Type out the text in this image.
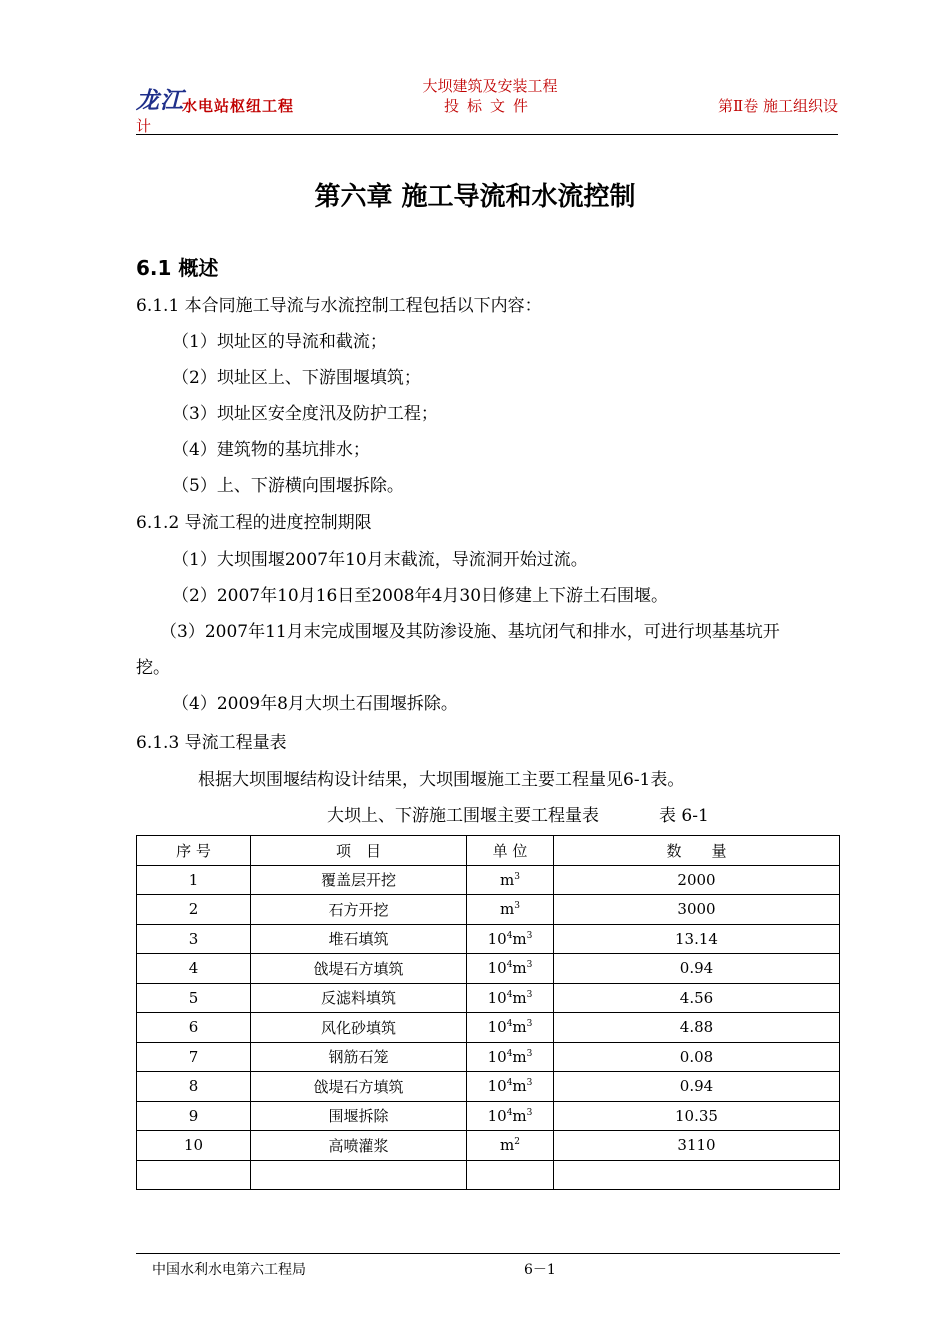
龙江
水电站枢纽工程
计
大坝建筑及安装工程
投标文件	第Ⅱ卷 施工组织设
第六章 施工导流和水流控制
6.1 概述
6.1.1 本合同施工导流与水流控制工程包括以下内容：
（1）坝址区的导流和截流；
（2）坝址区上、下游围堰填筑；
（3）坝址区安全度汛及防护工程；
（4）建筑物的基坑排水；
（5）上、下游横向围堰拆除。
6.1.2 导流工程的进度控制期限
（1）大坝围堰2007年10月末截流，导流洞开始过流。
（2）2007年10月16日至2008年4月30日修建上下游土石围堰。
（3）2007年11月末完成围堰及其防渗设施、基坑闭气和排水，可进行坝基基坑开
挖。
（4）2009年8月大坝土石围堰拆除。
6.1.3 导流工程量表
根据大坝围堰结构设计结果，大坝围堰施工主要工程量见6-1表。
大坝上、下游施工围堰主要工程量表	表 6-1
序 号	项　目	单 位	数　　量
1	覆盖层开挖	$m^3$	2000
2	石方开挖	$m^3$	3000
3	堆石填筑	$10^4m^3$	13.14
4	戗堤石方填筑	$10^4m^3$	0.94
5	反滤料填筑	$10^4m^3$	4.56
6	风化砂填筑	$10^4m^3$	4.88
7	钢筋石笼	$10^4m^3$	0.08
8	戗堤石方填筑	$10^4m^3$	0.94
9	围堰拆除	$10^4m^3$	10.35
10	高喷灌浆	$m^2$	3110

中国水利水电第六工程局	6－1
